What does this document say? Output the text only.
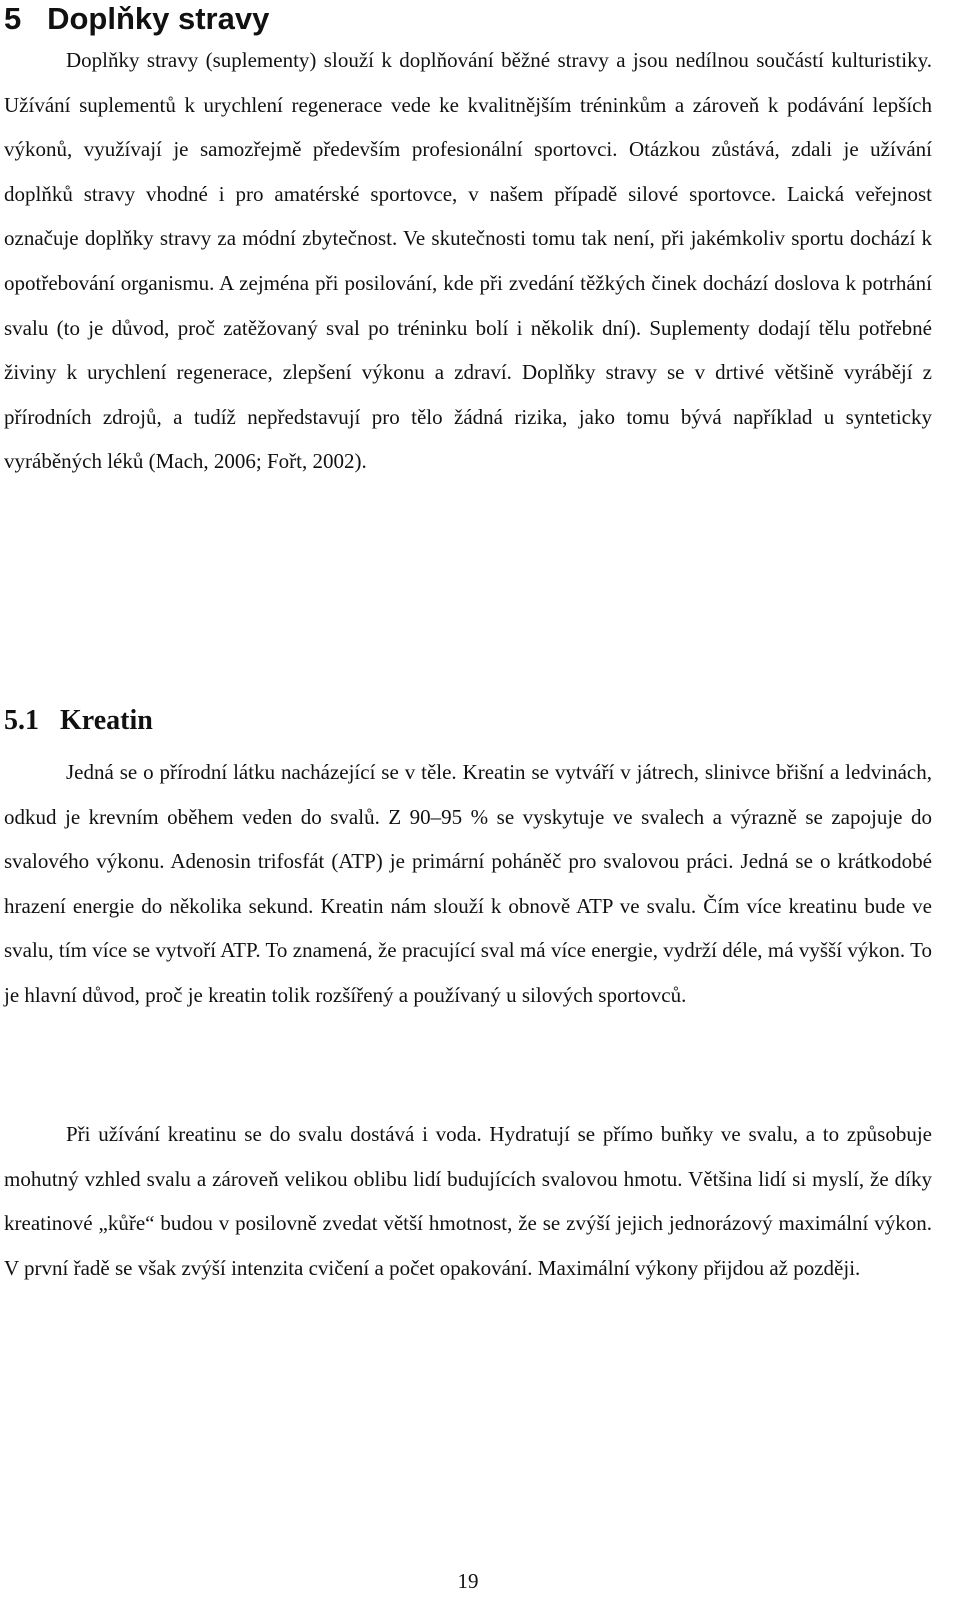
5 Doplňky stravy

Doplňky stravy (suplementy) slouží k doplňování běžné stravy a jsou nedílnou součástí kulturistiky. Užívání suplementů k urychlení regenerace vede ke kvalitnějším tréninkům a zároveň k podávání lepších výkonů, využívají je samozřejmě především profesionální sportovci. Otázkou zůstává, zdali je užívání doplňků stravy vhodné i pro amatérské sportovce, v našem případě silové sportovce. Laická veřejnost označuje doplňky stravy za módní zbytečnost. Ve skutečnosti tomu tak není, při jakémkoliv sportu dochází k opotřebování organismu. A zejména při posilování, kde při zvedání těžkých činek dochází doslova k potrhání svalu (to je důvod, proč zatěžovaný sval po tréninku bolí i několik dní). Suplementy dodají tělu potřebné živiny k urychlení regenerace, zlepšení výkonu a zdraví. Doplňky stravy se v drtivé většině vyrábějí z přírodních zdrojů, a tudíž nepředstavují pro tělo žádná rizika, jako tomu bývá například u synteticky vyráběných léků (Mach, 2006; Fořt, 2002).

5.1 Kreatin

Jedná se o přírodní látku nacházející se v těle. Kreatin se vytváří v játrech, slinivce břišní a ledvinách, odkud je krevním oběhem veden do svalů. Z 90–95 % se vyskytuje ve svalech a výrazně se zapojuje do svalového výkonu. Adenosin trifosfát (ATP) je primární poháněč pro svalovou práci. Jedná se o krátkodobé hrazení energie do několika sekund. Kreatin nám slouží k obnově ATP ve svalu. Čím více kreatinu bude ve svalu, tím více se vytvoří ATP. To znamená, že pracující sval má více energie, vydrží déle, má vyšší výkon. To je hlavní důvod, proč je kreatin tolik rozšířený a používaný u silových sportovců.

Při užívání kreatinu se do svalu dostává i voda. Hydratují se přímo buňky ve svalu, a to způsobuje mohutný vzhled svalu a zároveň velikou oblibu lidí budujících svalovou hmotu. Většina lidí si myslí, že díky kreatinové „kůře“ budou v posilovně zvedat větší hmotnost, že se zvýší jejich jednorázový maximální výkon. V první řadě se však zvýší intenzita cvičení a počet opakování. Maximální výkony přijdou až později.

19
